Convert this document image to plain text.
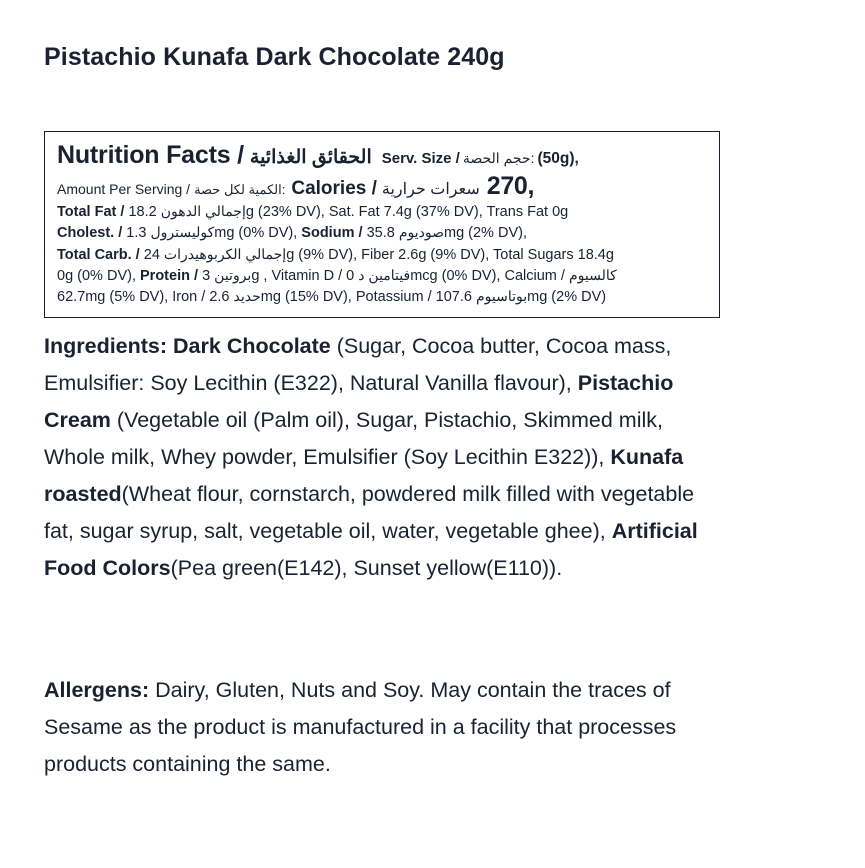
Pistachio Kunafa Dark Chocolate 240g
Nutrition Facts / الحقائق الغذائية Serv. Size / حجم الحصة: (50g),
Amount Per Serving / الكمية لكل حصة: Calories / سعرات حرارية 270,
Total Fat /	إجمالي الدهون 18.2g (23% DV), Sat. Fat 7.4g (37% DV), Trans Fat 0g
Cholest. / كوليسترول 1.3mg (0% DV), Sodium /	صوديوم 35.8mg (2% DV),
Total Carb. / إجمالي الكربوهيدرات 24g (9% DV), Fiber 2.6g (9% DV), Total Sugars 18.4g
0g (0% DV), Protein / بروتين 3g , Vitamin D / فيتامين د 0mcg (0% DV), Calcium / كالسيوم
62.7mg (5% DV), Iron / حديد 2.6mg (15% DV), Potassium /	بوتاسيوم 107.6mg (2% DV)
Ingredients: Dark Chocolate (Sugar, Cocoa butter, Cocoa mass, Emulsifier: Soy Lecithin (E322), Natural Vanilla flavour), Pistachio Cream (Vegetable oil (Palm oil), Sugar, Pistachio, Skimmed milk, Whole milk, Whey powder, Emulsifier (Soy Lecithin E322)), Kunafa roasted(Wheat flour, cornstarch, powdered milk filled with vegetable fat, sugar syrup, salt, vegetable oil, water, vegetable ghee), Artificial Food Colors(Pea green(E142), Sunset yellow(E110)).
Allergens: Dairy, Gluten, Nuts and Soy. May contain the traces of Sesame as the product is manufactured in a facility that processes products containing the same.
